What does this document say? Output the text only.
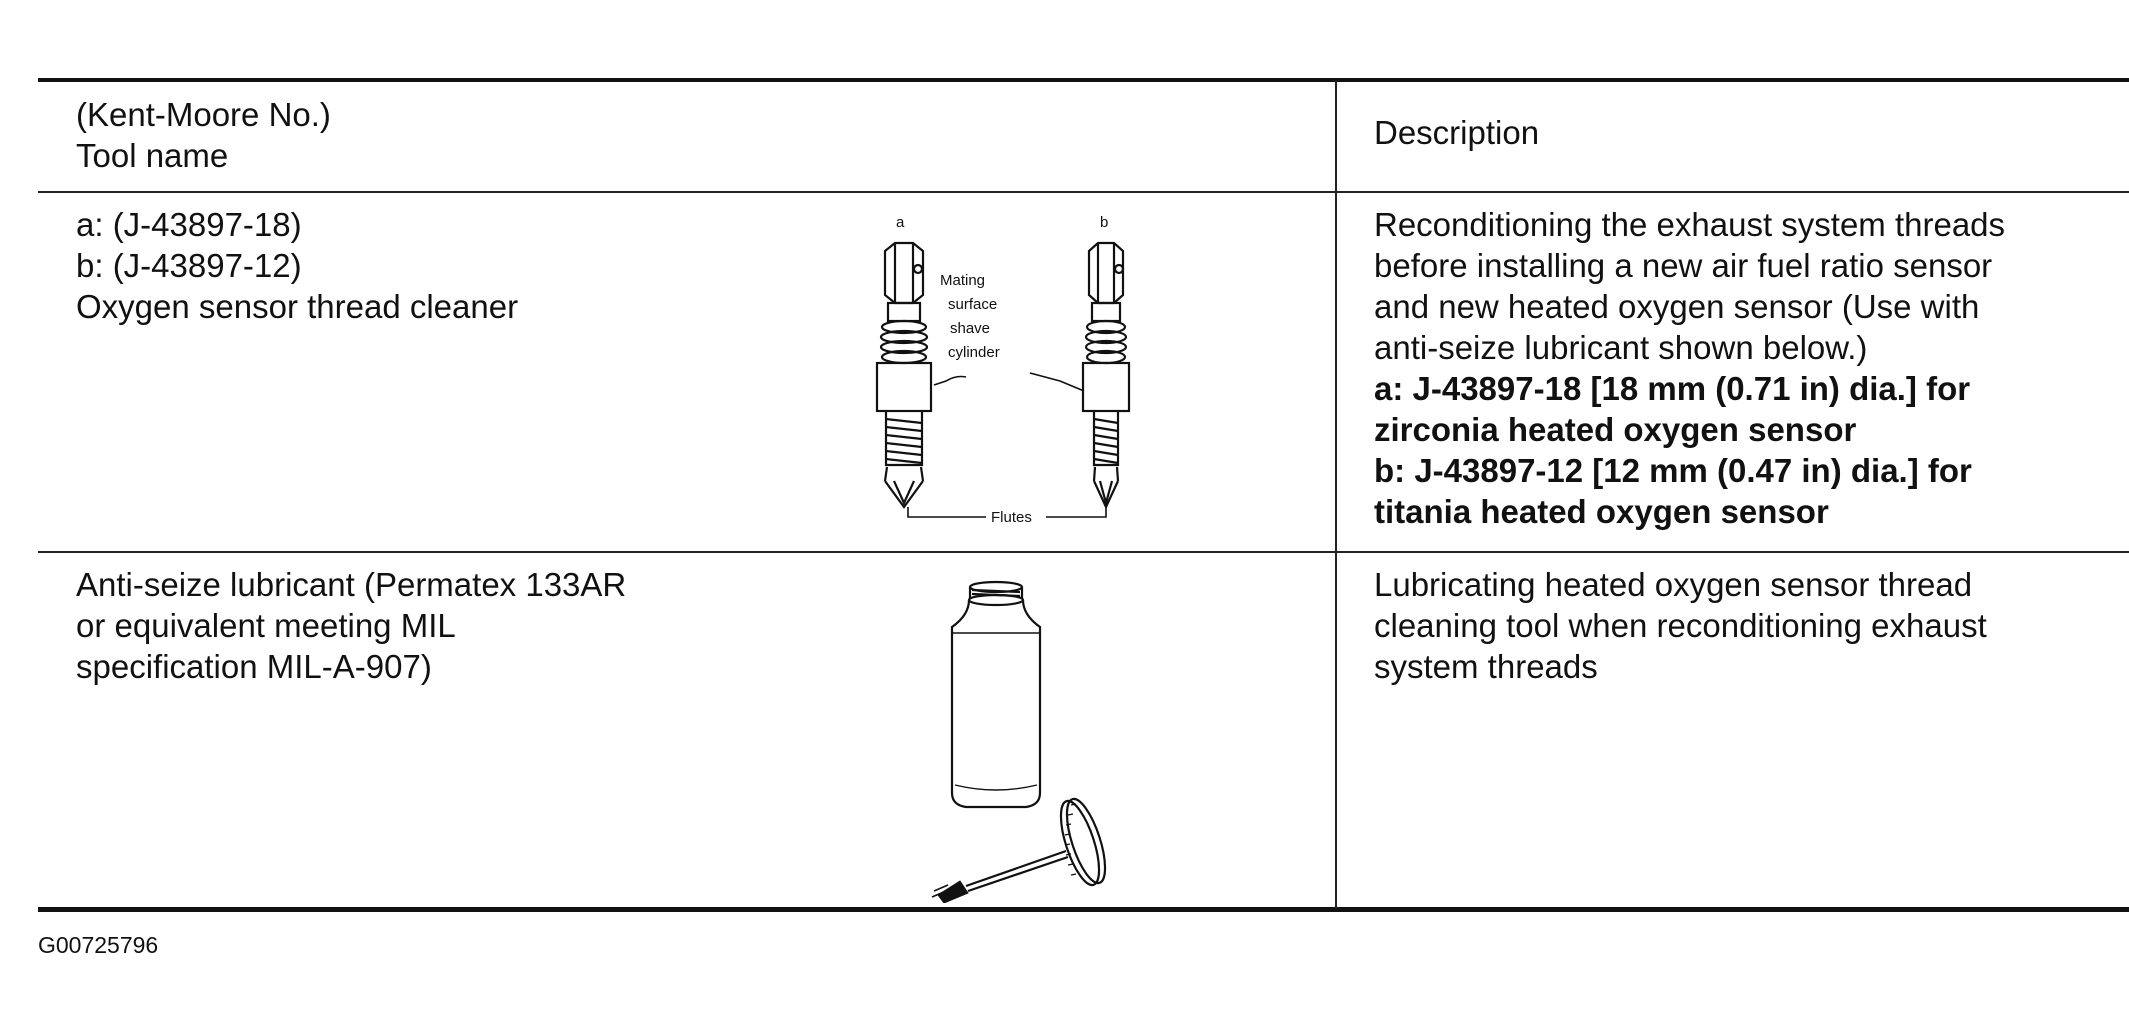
(Kent-Moore No.)
Tool name
Description
a: (J-43897-18)
b: (J-43897-12)
Oxygen sensor thread cleaner
a	b
Mating
surface
shave
cylinder
Flutes
Reconditioning the exhaust system threads
before installing a new air fuel ratio sensor
and new heated oxygen sensor (Use with
anti-seize lubricant shown below.)
a: J-43897-18 [18 mm (0.71 in) dia.] for
zirconia heated oxygen sensor
b: J-43897-12 [12 mm (0.47 in) dia.] for
titania heated oxygen sensor
Anti-seize lubricant (Permatex 133AR
or equivalent meeting MIL
specification MIL-A-907)
Lubricating heated oxygen sensor thread
cleaning tool when reconditioning exhaust
system threads
G00725796
